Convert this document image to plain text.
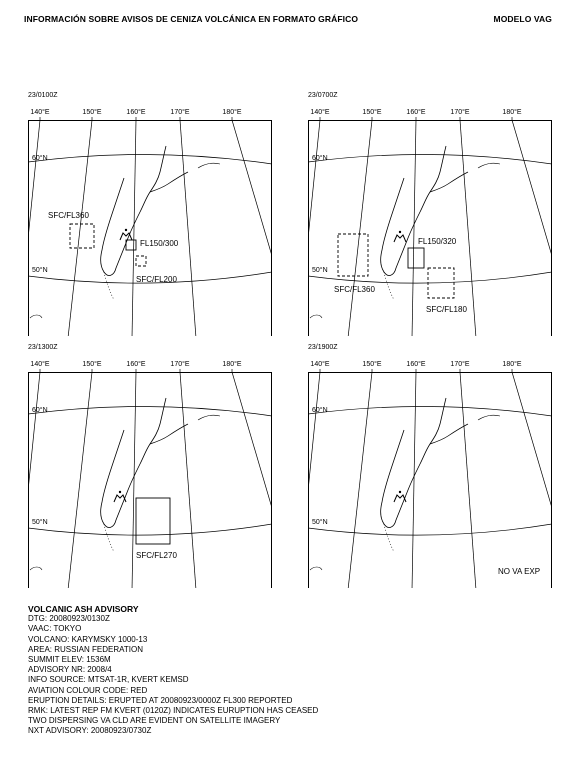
INFORMACIÓN SOBRE AVISOS DE CENIZA VOLCÁNICA EN FORMATO GRÁFICO	MODELO VAG
23/0100Z
140°E	150°E	160°E	170°E	180°E
60°N
50°N
SFC/FL360
FL150/300
SFC/FL200
23/0700Z
140°E	150°E	160°E	170°E	180°E
60°N
50°N
SFC/FL360
FL150/320
SFC/FL180
23/1300Z
140°E	150°E	160°E	170°E	180°E
60°N
50°N
SFC/FL270
23/1900Z
140°E	150°E	160°E	170°E	180°E
60°N
50°N
NO VA EXP
VOLCANIC ASH ADVISORY
DTG: 20080923/0130Z
VAAC: TOKYO
VOLCANO: KARYMSKY 1000-13
AREA: RUSSIAN FEDERATION
SUMMIT ELEV: 1536M
ADVISORY NR: 2008/4
INFO SOURCE: MTSAT-1R, KVERT KEMSD
AVIATION COLOUR CODE: RED
ERUPTION DETAILS: ERUPTED AT 20080923/0000Z FL300 REPORTED
RMK: LATEST REP FM KVERT (0120Z) INDICATES EURUPTION HAS CEASED
TWO DISPERSING VA CLD ARE EVIDENT ON SATELLITE IMAGERY
NXT ADVISORY: 20080923/0730Z
